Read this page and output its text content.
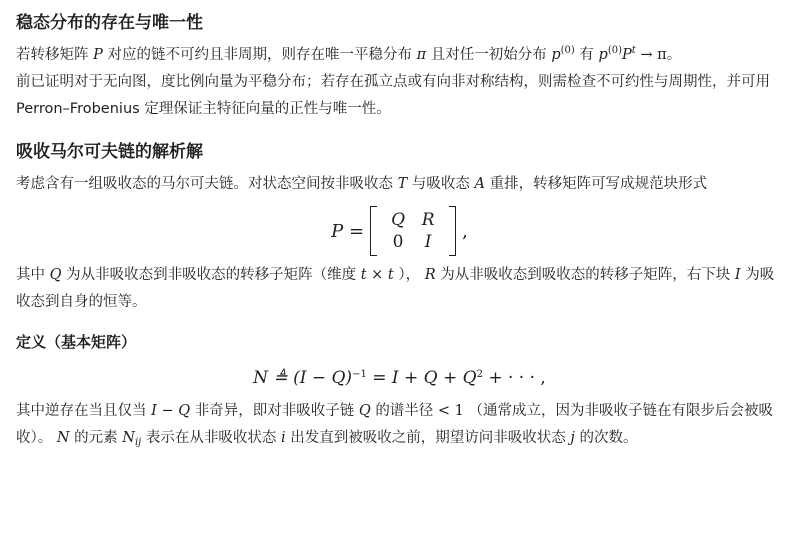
稳态分布的存在与唯一性

若转移矩阵 P 对应的链不可约且非周期，则存在唯一平稳分布 π 且对任一初始分布 $p^{(0)}$ 有 $p^{(0)}P^t \to \pi$。

前已证明对于无向图，度比例向量为平稳分布；若存在孤立点或有向非对称结构，则需检查不可约性与周期性，并可用 Perron–Frobenius 定理保证主特征向量的正性与唯一性。

吸收马尔可夫链的解析解

考虑含有一组吸收态的马尔可夫链。对状态空间按非吸收态 T 与吸收态 A 重排，转移矩阵可写成规范块形式

P =
Q R
0	I
,

其中 Q 为从非吸收态到非吸收态的转移子矩阵（维度 t × t ）， R 为从非吸收态到吸收态的转移子矩阵，右下块 I 为吸收态到自身的恒等。

定义（基本矩阵）
N ≜ $(I - Q)^{-1} = I + Q + Q^2$ + · · · ,

其中逆存在当且仅当 I − Q 非奇异，即对非吸收子链 Q 的谱半径 < 1 （通常成立，因为非吸收子链在有限步后会被吸收）。 N 的元素 $N_{ij}$ 表示在从非吸收状态 i 出发直到被吸收之前，期望访问非吸收状态 j 的次数。
